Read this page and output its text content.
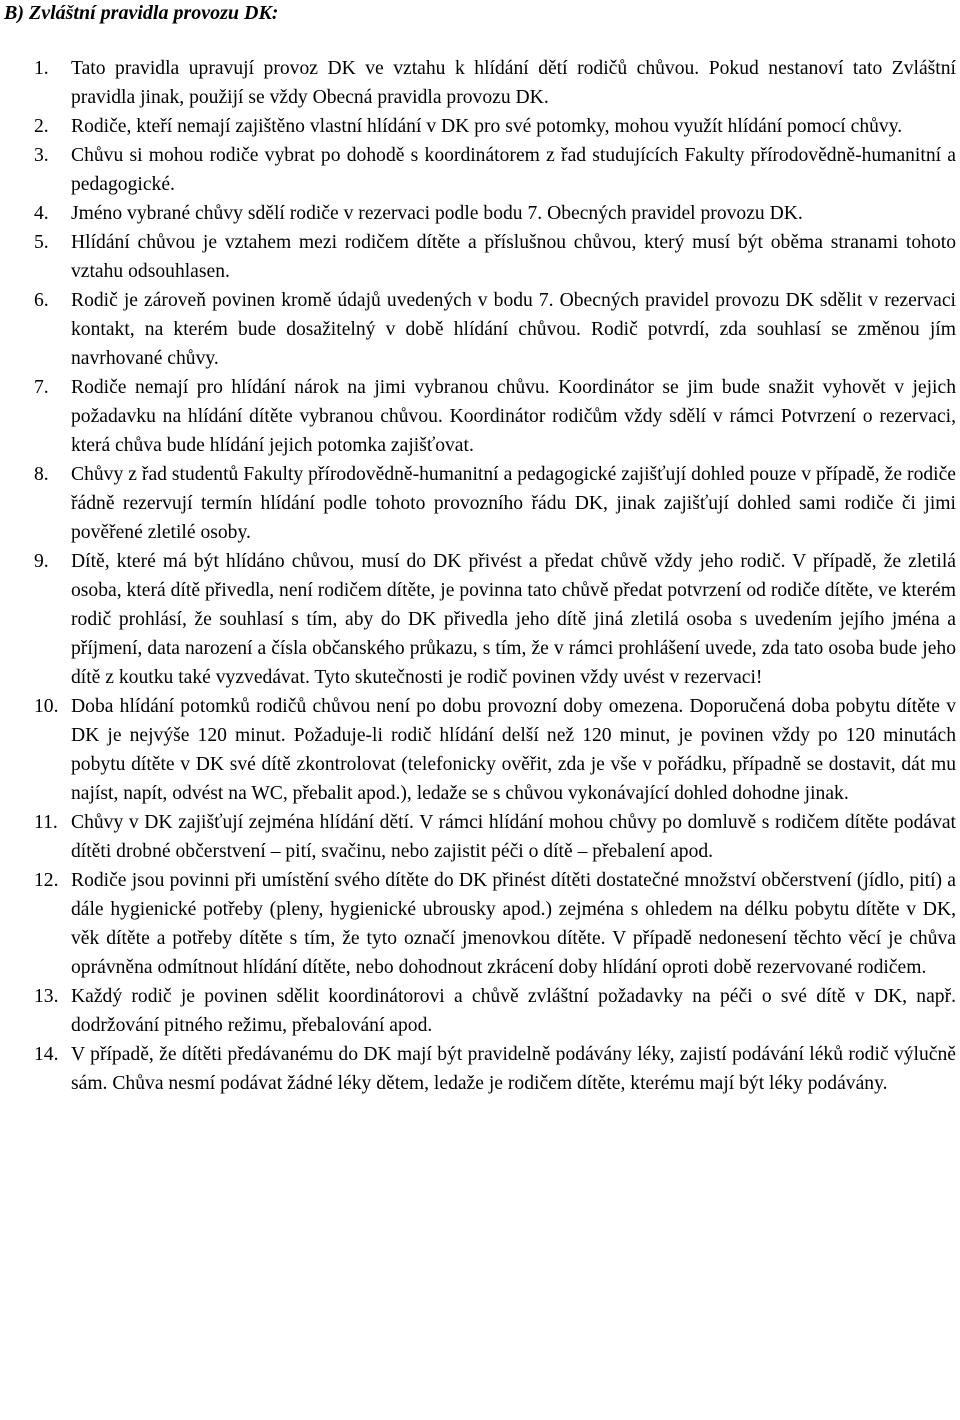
B) Zvláštní pravidla provozu DK:
1. Tato pravidla upravují provoz DK ve vztahu k hlídání dětí rodičů chůvou. Pokud nestanoví tato Zvláštní pravidla jinak, použijí se vždy Obecná pravidla provozu DK.
2. Rodiče, kteří nemají zajištěno vlastní hlídání v DK pro své potomky, mohou využít hlídání pomocí chůvy.
3. Chůvu si mohou rodiče vybrat po dohodě s koordinátorem z řad studujících Fakulty přírodovědně-humanitní a pedagogické.
4. Jméno vybrané chůvy sdělí rodiče v rezervaci podle bodu 7. Obecných pravidel provozu DK.
5. Hlídání chůvou je vztahem mezi rodičem dítěte a příslušnou chůvou, který musí být oběma stranami tohoto vztahu odsouhlasen.
6. Rodič je zároveň povinen kromě údajů uvedených v bodu 7. Obecných pravidel provozu DK sdělit v rezervaci kontakt, na kterém bude dosažitelný v době hlídání chůvou. Rodič potvrdí, zda souhlasí se změnou jím navrhované chůvy.
7. Rodiče nemají pro hlídání nárok na jimi vybranou chůvu. Koordinátor se jim bude snažit vyhovět v jejich požadavku na hlídání dítěte vybranou chůvou. Koordinátor rodičům vždy sdělí v rámci Potvrzení o rezervaci, která chůva bude hlídání jejich potomka zajišťovat.
8. Chůvy z řad studentů Fakulty přírodovědně-humanitní a pedagogické zajišťují dohled pouze v případě, že rodiče řádně rezervují termín hlídání podle tohoto provozního řádu DK, jinak zajišťují dohled sami rodiče či jimi pověřené zletilé osoby.
9. Dítě, které má být hlídáno chůvou, musí do DK přivést a předat chůvě vždy jeho rodič. V případě, že zletilá osoba, která dítě přivedla, není rodičem dítěte, je povinna tato chůvě předat potvrzení od rodiče dítěte, ve kterém rodič prohlásí, že souhlasí s tím, aby do DK přivedla jeho dítě jiná zletilá osoba s uvedením jejího jména a příjmení, data narození a čísla občanského průkazu, s tím, že v rámci prohlášení uvede, zda tato osoba bude jeho dítě z koutku také vyzvedávat. Tyto skutečnosti je rodič povinen vždy uvést v rezervaci!
10. Doba hlídání potomků rodičů chůvou není po dobu provozní doby omezena. Doporučená doba pobytu dítěte v DK je nejvýše 120 minut. Požaduje-li rodič hlídání delší než 120 minut, je povinen vždy po 120 minutách pobytu dítěte v DK své dítě zkontrolovat (telefonicky ověřit, zda je vše v pořádku, případně se dostavit, dát mu najíst, napít, odvést na WC, přebalit apod.), ledaže se s chůvou vykonávající dohled dohodne jinak.
11. Chůvy v DK zajišťují zejména hlídání dětí. V rámci hlídání mohou chůvy po domluvě s rodičem dítěte podávat dítěti drobné občerstvení – pití, svačinu, nebo zajistit péči o dítě – přebalení apod.
12. Rodiče jsou povinni při umístění svého dítěte do DK přinést dítěti dostatečné množství občerstvení (jídlo, pití) a dále hygienické potřeby (pleny, hygienické ubrousky apod.) zejména s ohledem na délku pobytu dítěte v DK, věk dítěte a potřeby dítěte s tím, že tyto označí jmenovkou dítěte. V případě nedonesení těchto věcí je chůva oprávněna odmítnout hlídání dítěte, nebo dohodnout zkrácení doby hlídání oproti době rezervované rodičem.
13. Každý rodič je povinen sdělit koordinátorovi a chůvě zvláštní požadavky na péči o své dítě v DK, např. dodržování pitného režimu, přebalování apod.
14. V případě, že dítěti předávanému do DK mají být pravidelně podávány léky, zajistí podávání léků rodič výlučně sám. Chůva nesmí podávat žádné léky dětem, ledaže je rodičem dítěte, kterému mají být léky podávány.
